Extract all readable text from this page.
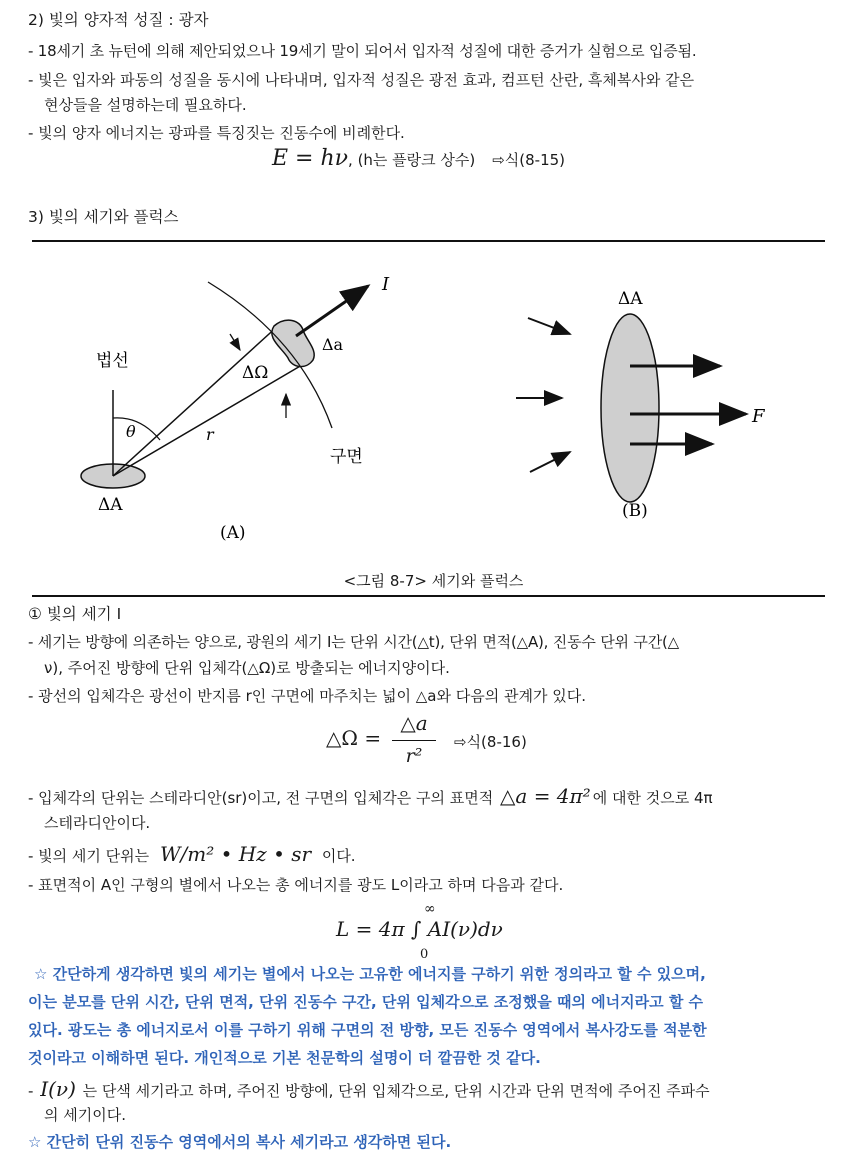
2) 빛의 양자적 성질 : 광자
- 18세기 초 뉴턴에 의해 제안되었으나 19세기 말이 되어서 입자적 성질에 대한 증거가 실험으로 입증됨.
- 빛은 입자와 파동의 성질을 동시에 나타내며, 입자적 성질은 광전 효과, 컴프턴 산란, 흑체복사와 같은
현상들을 설명하는데 필요하다.
- 빛의 양자 에너지는 광파를 특징짓는 진동수에 비례한다.
E = hν, (h는 플랑크 상수) ⇨식(8-15)
3) 빛의 세기와 플럭스
법선
θ
ΔΩ
r
I
Δa
구면
ΔA
(A)
ΔA
F
(B)
<그림 8-7> 세기와 플럭스
① 빛의 세기 I
- 세기는 방향에 의존하는 양으로, 광원의 세기 I는 단위 시간(△t), 단위 면적(△A), 진동수 단위 구간(△
ν), 주어진 방향에 단위 입체각(△Ω)로 방출되는 에너지양이다.
- 광선의 입체각은 광선이 반지름 r인 구면에 마주치는 넓이 △a와 다음의 관계가 있다.
△Ω =
△a
r²
⇨식(8-16)
- 입체각의 단위는 스테라디안(sr)이고, 전 구면의 입체각은 구의 표면적 △a = 4π² 에 대한 것으로 4π
스테라디안이다.
- 빛의 세기 단위는 W/m² • Hz • sr 이다.
- 표면적이 A인 구형의 별에서 나오는 총 에너지를 광도 L이라고 하며 다음과 같다.
L = 4π ∫ AI(ν)dν
∞
0
☆ 간단하게 생각하면 빛의 세기는 별에서 나오는 고유한 에너지를 구하기 위한 정의라고 할 수 있으며,
이는 분모를 단위 시간, 단위 면적, 단위 진동수 구간, 단위 입체각으로 조정했을 때의 에너지라고 할 수
있다. 광도는 총 에너지로서 이를 구하기 위해 구면의 전 방향, 모든 진동수 영역에서 복사강도를 적분한
것이라고 이해하면 된다. 개인적으로 기본 천문학의 설명이 더 깔끔한 것 같다.
- I(ν) 는 단색 세기라고 하며, 주어진 방향에, 단위 입체각으로, 단위 시간과 단위 면적에 주어진 주파수
의 세기이다.
☆ 간단히 단위 진동수 영역에서의 복사 세기라고 생각하면 된다.
